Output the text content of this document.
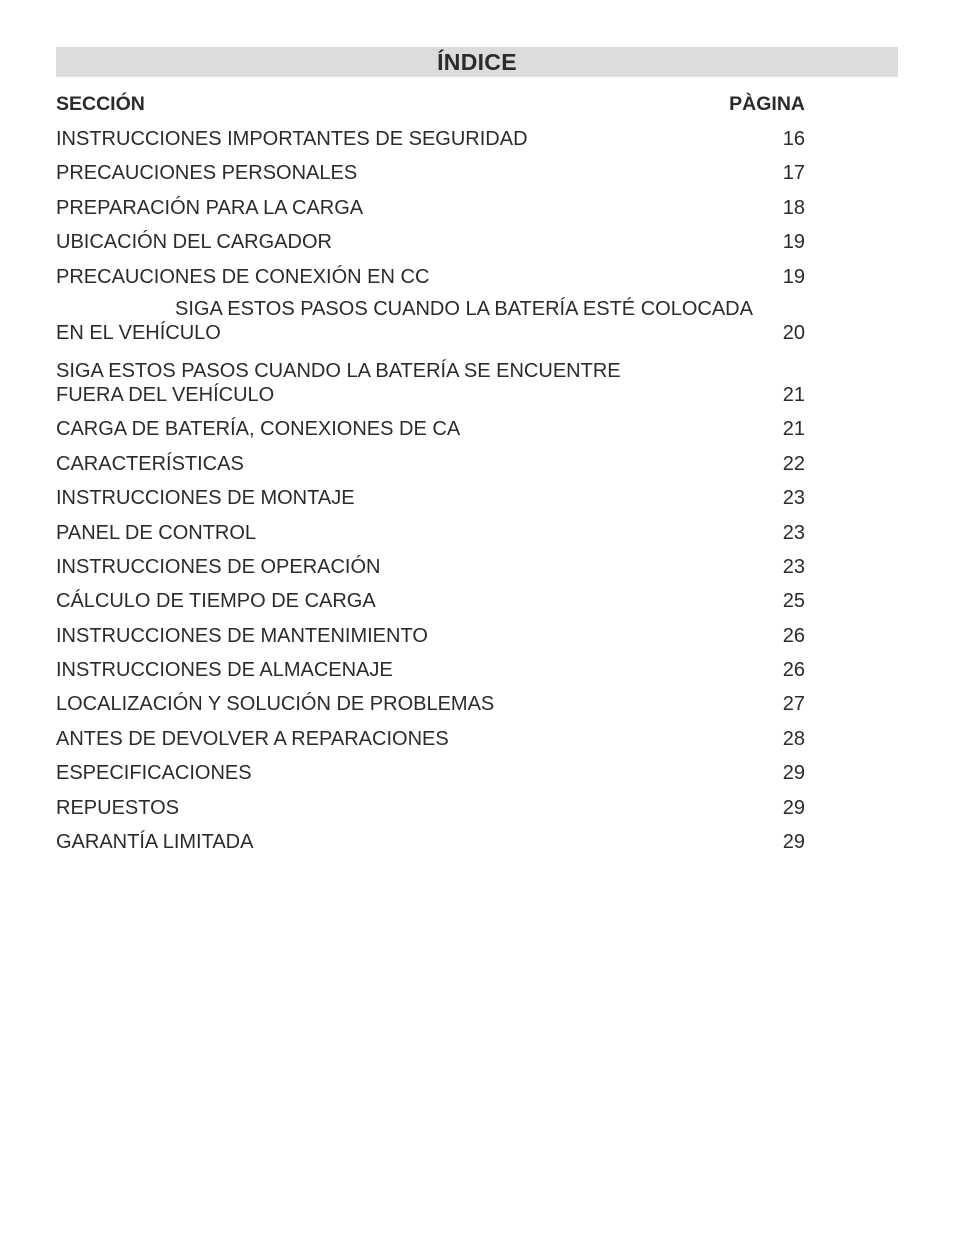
ÍNDICE
SECCIÓN	PÀGINA
INSTRUCCIONES IMPORTANTES DE SEGURIDAD	16
PRECAUCIONES PERSONALES	17
PREPARACIÓN PARA LA CARGA	18
UBICACIÓN DEL CARGADOR	19
PRECAUCIONES DE CONEXIÓN EN CC	19
SIGA ESTOS PASOS CUANDO LA BATERÍA ESTÉ COLOCADA
EN EL VEHÍCULO	20
SIGA ESTOS PASOS CUANDO LA BATERÍA SE ENCUENTRE
FUERA DEL VEHÍCULO	21
CARGA DE BATERÍA, CONEXIONES DE CA	21
CARACTERÍSTICAS	22
INSTRUCCIONES DE MONTAJE	23
PANEL DE CONTROL	23
INSTRUCCIONES DE OPERACIÓN	23
CÁLCULO DE TIEMPO DE CARGA	25
INSTRUCCIONES DE MANTENIMIENTO	26
INSTRUCCIONES DE ALMACENAJE	26
LOCALIZACIÓN Y SOLUCIÓN DE PROBLEMAS	27
ANTES DE DEVOLVER A REPARACIONES	28
ESPECIFICACIONES	29
REPUESTOS	29
GARANTÍA LIMITADA	29
